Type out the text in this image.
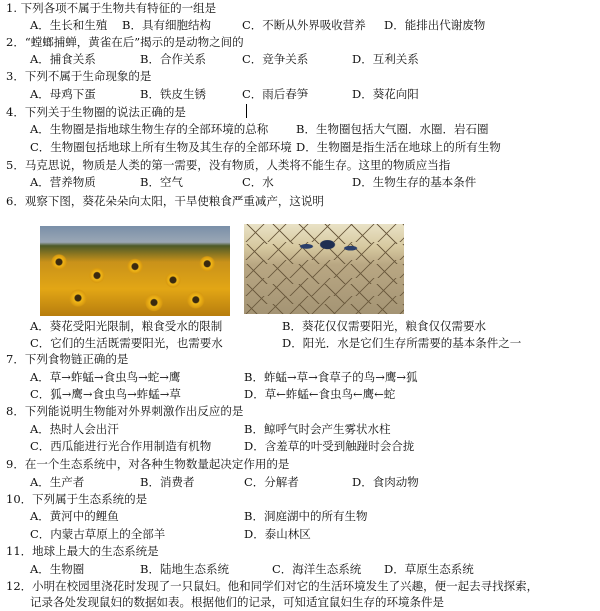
1. 下列各项不属于生物共有特征的一组是
A．生长和生殖 B．具有细胞结构	C．不断从外界吸收营养 D．能排出代谢废物
2．“螳螂捕蝉，黄雀在后”揭示的是动物之间的
A．捕食关系	B．合作关系	C．竞争关系	D．互利关系
3．下列不属于生命现象的是
A．母鸡下蛋	B．铁皮生锈	C．雨后春笋	D．葵花向阳
4．下列关于生物圈的说法正确的是
A．生物圈是指地球生物生存的全部环境的总称 B．生物圈包括大气圈．水圈．岩石圈
C．生物圈包括地球上所有生物及其生存的全部环境 D．生物圈是指生活在地球上的所有生物
5．马克思说，物质是人类的第一需要，没有物质，人类将不能生存。这里的物质应当指
A．营养物质	B．空气	C．水	D．生物生存的基本条件
6．观察下图，葵花朵朵向太阳，干旱使粮食严重减产，这说明
A．葵花受阳光限制，粮食受水的限制	B．葵花仅仅需要阳光，粮食仅仅需要水
C．它们的生活既需要阳光，也需要水	D．阳光．水是它们生存所需要的基本条件之一
7．下列食物链正确的是
A．草→蚱蜢→食虫鸟→蛇→鹰	B．蚱蜢→草→食草子的鸟→鹰→狐
C．狐→鹰→食虫鸟→蚱蜢→草	D．草←蚱蜢←食虫鸟←鹰←蛇
8．下列能说明生物能对外界刺激作出反应的是
A．热时人会出汗	B．鲸呼气时会产生雾状水柱
C．西瓜能进行光合作用制造有机物	D．含羞草的叶受到触踫时会合拢
9．在一个生态系统中，对各种生物数量起决定作用的是
A．生产者	B．消费者	C．分解者	D．食肉动物
10．下列属于生态系统的是
A．黄河中的鲤鱼	B．洞庭湖中的所有生物
C．内蒙古草原上的全部羊	D．泰山林区
11．地球上最大的生态系统是
A．生物圈	B．陆地生态系统	C．海洋生态系统 D．草原生态系统
12．小明在校园里浇花时发现了一只鼠妇。他和同学们对它的生活环境发生了兴趣，便一起去寻找探索，
记录各处发现鼠妇的数据如表。根据他们的记录，可知适宜鼠妇生存的环境条件是
